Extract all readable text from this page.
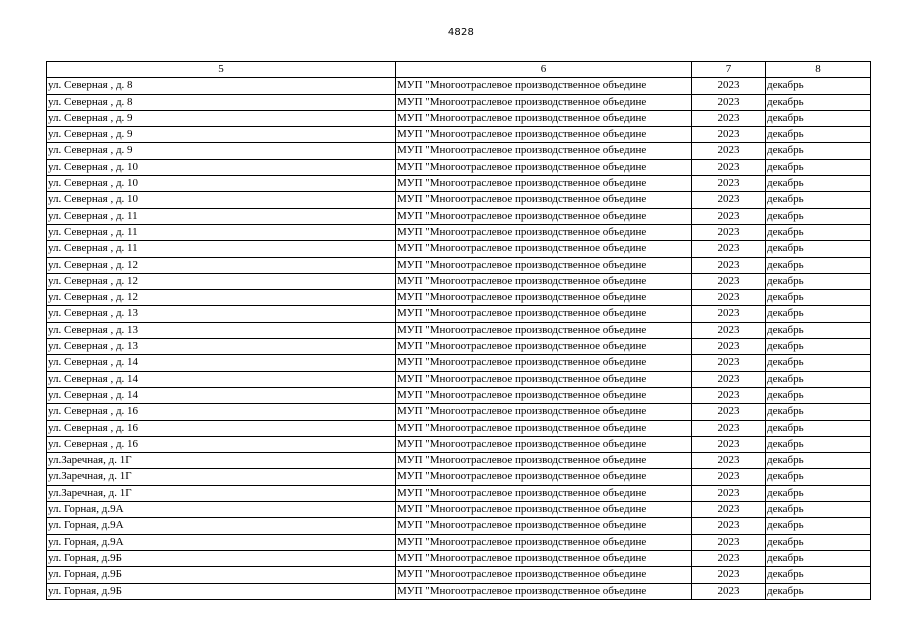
4828
5	6	7	8
ул. Северная , д. 8	МУП "Многоотраслевое производственное объедине	2023	декабрь
ул. Северная , д. 8	МУП "Многоотраслевое производственное объедине	2023	декабрь
ул. Северная , д. 9	МУП "Многоотраслевое производственное объедине	2023	декабрь
ул. Северная , д. 9	МУП "Многоотраслевое производственное объедине	2023	декабрь
ул. Северная , д. 9	МУП "Многоотраслевое производственное объедине	2023	декабрь
ул. Северная , д. 10	МУП "Многоотраслевое производственное объедине	2023	декабрь
ул. Северная , д. 10	МУП "Многоотраслевое производственное объедине	2023	декабрь
ул. Северная , д. 10	МУП "Многоотраслевое производственное объедине	2023	декабрь
ул. Северная , д. 11	МУП "Многоотраслевое производственное объедине	2023	декабрь
ул. Северная , д. 11	МУП "Многоотраслевое производственное объедине	2023	декабрь
ул. Северная , д. 11	МУП "Многоотраслевое производственное объедине	2023	декабрь
ул. Северная , д. 12	МУП "Многоотраслевое производственное объедине	2023	декабрь
ул. Северная , д. 12	МУП "Многоотраслевое производственное объедине	2023	декабрь
ул. Северная , д. 12	МУП "Многоотраслевое производственное объедине	2023	декабрь
ул. Северная , д. 13	МУП "Многоотраслевое производственное объедине	2023	декабрь
ул. Северная , д. 13	МУП "Многоотраслевое производственное объедине	2023	декабрь
ул. Северная , д. 13	МУП "Многоотраслевое производственное объедине	2023	декабрь
ул. Северная , д. 14	МУП "Многоотраслевое производственное объедине	2023	декабрь
ул. Северная , д. 14	МУП "Многоотраслевое производственное объедине	2023	декабрь
ул. Северная , д. 14	МУП "Многоотраслевое производственное объедине	2023	декабрь
ул. Северная , д. 16	МУП "Многоотраслевое производственное объедине	2023	декабрь
ул. Северная , д. 16	МУП "Многоотраслевое производственное объедине	2023	декабрь
ул. Северная , д. 16	МУП "Многоотраслевое производственное объедине	2023	декабрь
ул.Заречная, д. 1Г	МУП "Многоотраслевое производственное объедине	2023	декабрь
ул.Заречная, д. 1Г	МУП "Многоотраслевое производственное объедине	2023	декабрь
ул.Заречная, д. 1Г	МУП "Многоотраслевое производственное объедине	2023	декабрь
ул. Горная, д.9А	МУП "Многоотраслевое производственное объедине	2023	декабрь
ул. Горная, д.9А	МУП "Многоотраслевое производственное объедине	2023	декабрь
ул. Горная, д.9А	МУП "Многоотраслевое производственное объедине	2023	декабрь
ул. Горная, д.9Б	МУП "Многоотраслевое производственное объедине	2023	декабрь
ул. Горная, д.9Б	МУП "Многоотраслевое производственное объедине	2023	декабрь
ул. Горная, д.9Б	МУП "Многоотраслевое производственное объедине	2023	декабрь
